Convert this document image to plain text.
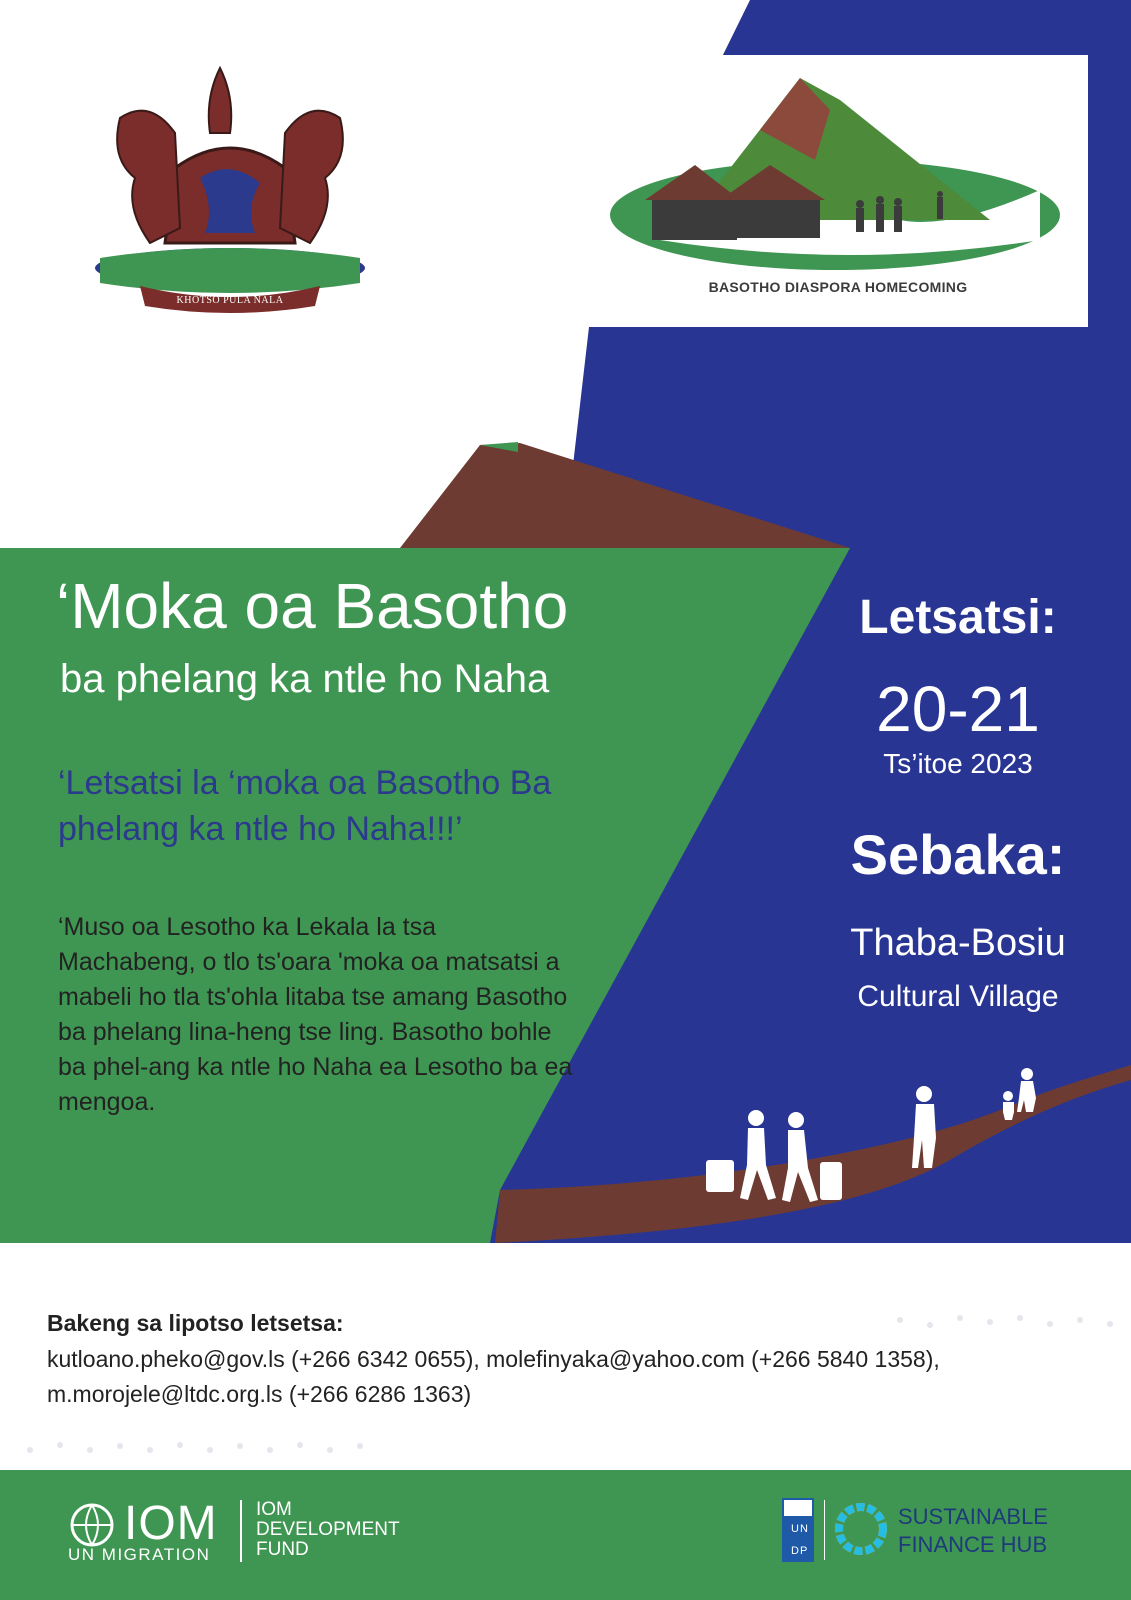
KHOTSO PULA NALA
BASOTHO DIASPORA HOMECOMING
‘Moka oa Basotho
ba phelang ka ntle ho Naha
‘Letsatsi la ‘moka oa Basotho Ba phelang ka ntle ho Naha!!!’
‘Muso oa Lesotho ka Lekala la tsa Machabeng, o tlo ts'oara 'moka oa matsatsi a mabeli ho tla ts'ohla litaba tse amang Basotho ba phelang lina-heng tse ling. Basotho bohle ba phel-ang ka ntle ho Naha ea Lesotho ba ea mengoa.
Letsatsi:
20-21
Ts’itoe 2023
Sebaka:
Thaba-Bosiu
Cultural Village
Bakeng sa lipotso letsetsa:
kutloano.pheko@gov.ls (+266 6342 0655), molefinyaka@yahoo.com (+266 5840 1358),
m.morojele@ltdc.org.ls (+266 6286 1363)
IOM
UN MIGRATION
IOM DEVELOPMENT FUND
U N
D P
SUSTAINABLE
FINANCE HUB
